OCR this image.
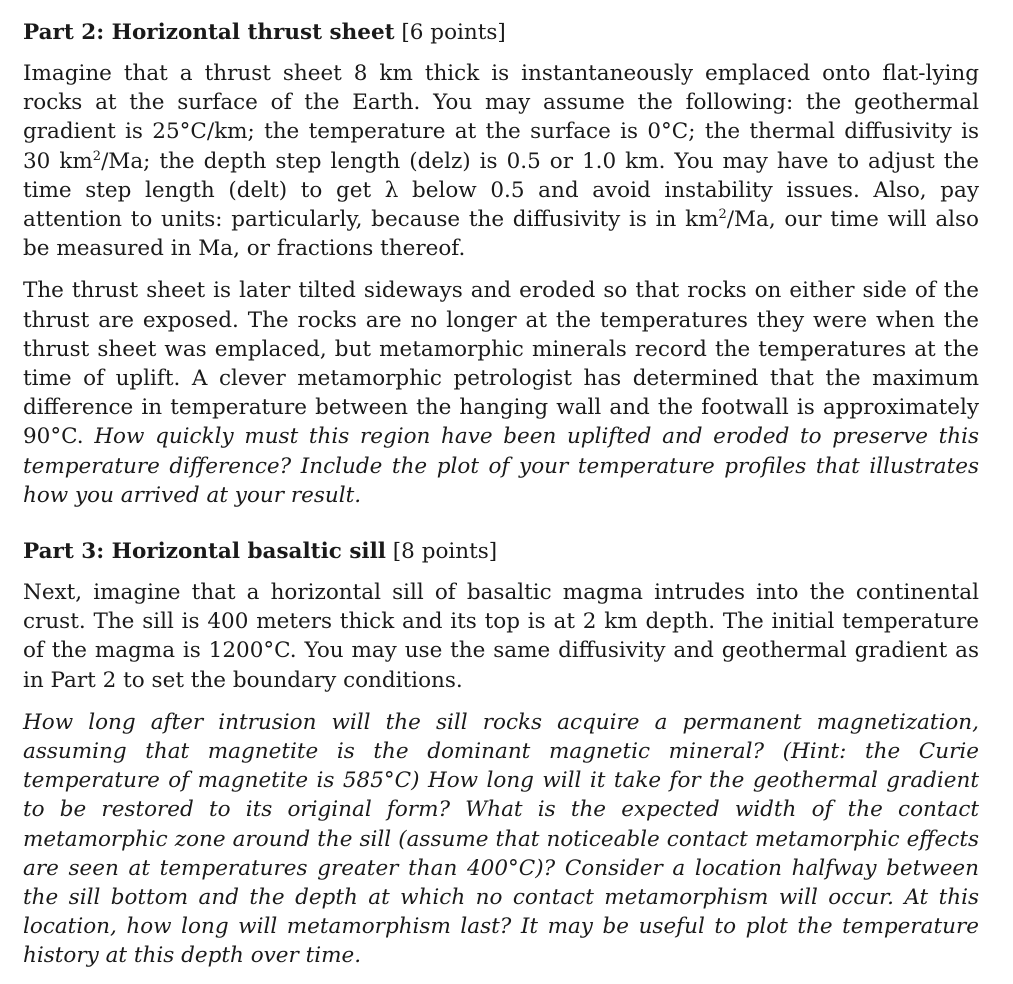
Part 2: Horizontal thrust sheet [6 points]

Imagine that a thrust sheet 8 km thick is instantaneously emplaced onto flat-lying rocks at the surface of the Earth. You may assume the following: the geothermal gradient is 25°C/km; the temperature at the surface is 0°C; the thermal diffusivity is 30 $km^2/Ma$; the depth step length (delz) is 0.5 or 1.0 km. You may have to adjust the time step length (delt) to get λ below 0.5 and avoid instability issues. Also, pay attention to units: particularly, because the diffusivity is in $km^2/Ma$, our time will also be measured in Ma, or fractions thereof.

The thrust sheet is later tilted sideways and eroded so that rocks on either side of the thrust are exposed. The rocks are no longer at the temperatures they were when the thrust sheet was emplaced, but metamorphic minerals record the temperatures at the time of uplift. A clever metamorphic petrologist has determined that the maximum difference in temperature between the hanging wall and the footwall is approximately 90°C. How quickly must this region have been uplifted and eroded to preserve this temperature difference? Include the plot of your temperature profiles that illustrates how you arrived at your result.

Part 3: Horizontal basaltic sill [8 points]

Next, imagine that a horizontal sill of basaltic magma intrudes into the continental crust. The sill is 400 meters thick and its top is at 2 km depth. The initial temperature of the magma is 1200°C. You may use the same diffusivity and geothermal gradient as in Part 2 to set the boundary conditions.

How long after intrusion will the sill rocks acquire a permanent magnetization, assuming that magnetite is the dominant magnetic mineral? (Hint: the Curie temperature of magnetite is 585°C) How long will it take for the geothermal gradient to be restored to its original form? What is the expected width of the contact metamorphic zone around the sill (assume that noticeable contact metamorphic effects are seen at temperatures greater than 400°C)? Consider a location halfway between the sill bottom and the depth at which no contact metamorphism will occur. At this location, how long will metamorphism last? It may be useful to plot the temperature history at this depth over time.
